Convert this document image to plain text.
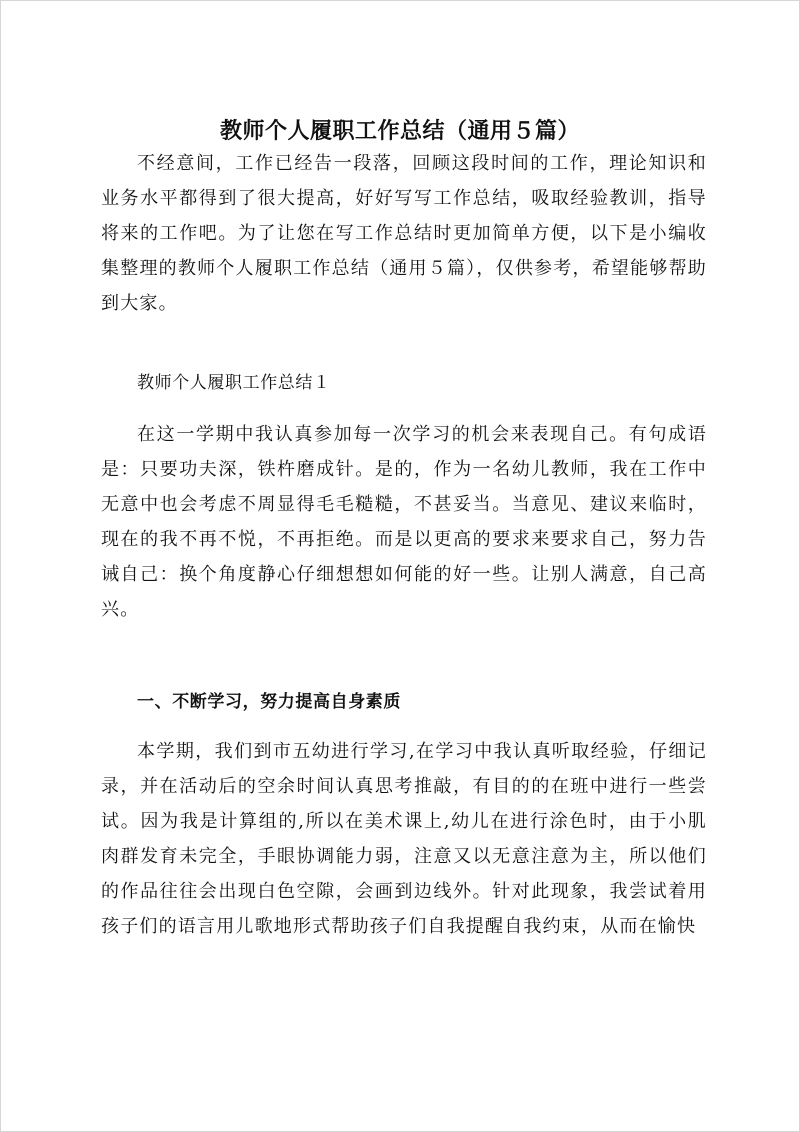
教师个人履职工作总结（通用５篇）

不经意间，工作已经告一段落，回顾这段时间的工作，理论知识和业务水平都得到了很大提高，好好写写工作总结，吸取经验教训，指导将来的工作吧。为了让您在写工作总结时更加简单方便，以下是小编收集整理的教师个人履职工作总结（通用５篇），仅供参考，希望能够帮助到大家。

教师个人履职工作总结１

在这一学期中我认真参加每一次学习的机会来表现自己。有句成语是：只要功夫深，铁杵磨成针。是的，作为一名幼儿教师，我在工作中无意中也会考虑不周显得毛毛糙糙，不甚妥当。当意见、建议来临时，现在的我不再不悦，不再拒绝。而是以更高的要求来要求自己，努力告诫自己：换个角度静心仔细想想如何能的好一些。让别人满意，自己高兴。

一、不断学习，努力提高自身素质

本学期，我们到市五幼进行学习,在学习中我认真听取经验，仔细记录，并在活动后的空余时间认真思考推敲，有目的的在班中进行一些尝试。因为我是计算组的,所以在美术课上,幼儿在进行涂色时，由于小肌肉群发育未完全，手眼协调能力弱，注意又以无意注意为主，所以他们的作品往往会出现白色空隙，会画到边线外。针对此现象，我尝试着用孩子们的语言用儿歌地形式帮助孩子们自我提醒自我约束，从而在愉快
